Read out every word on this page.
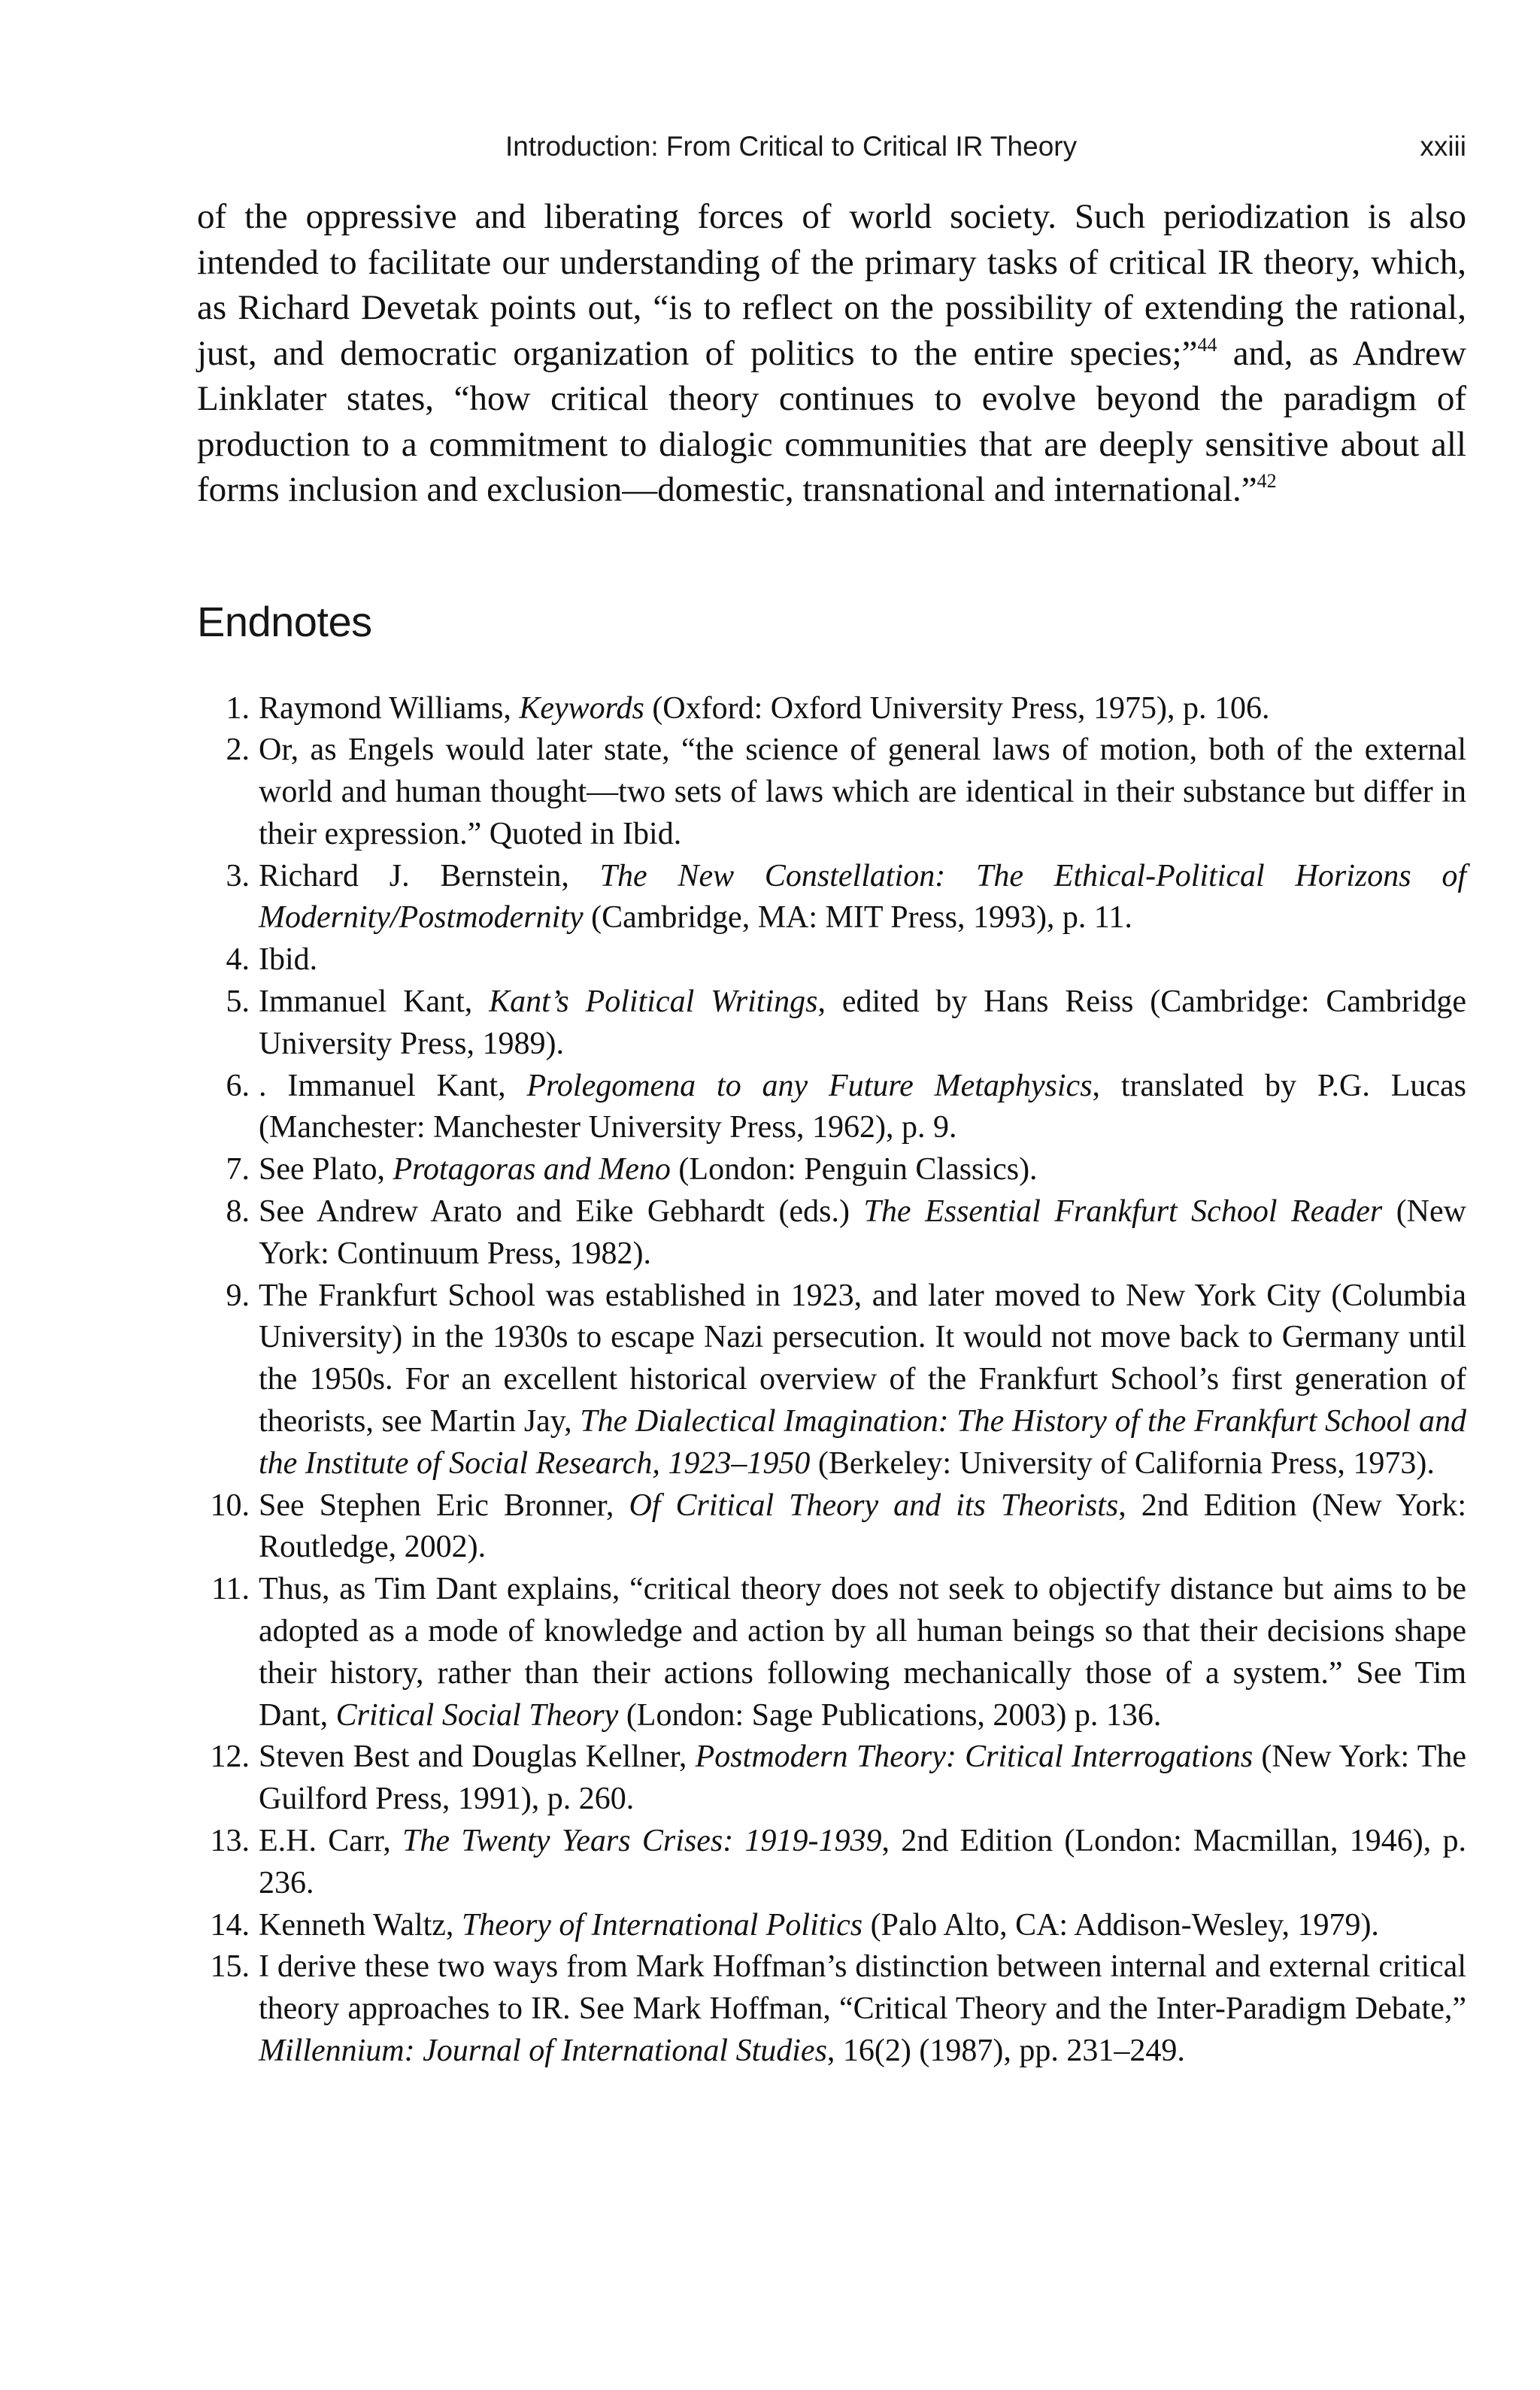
Introduction: From Critical to Critical IR Theory	xxiii

of the oppressive and liberating forces of world society. Such periodization is also intended to facilitate our understanding of the primary tasks of critical IR theory, which, as Richard Devetak points out, “is to reflect on the possibility of extending the rational, just, and democratic organization of politics to the entire species;”$^{44}$ and, as Andrew Linklater states, “how critical theory continues to evolve beyond the paradigm of production to a commitment to dialogic communities that are deeply sensitive about all forms inclusion and exclusion—domestic, transnational and international.”$^{42}$

Endnotes
1. Raymond Williams, Keywords (Oxford: Oxford University Press, 1975), p. 106.
2. Or, as Engels would later state, “the science of general laws of motion, both of the external world and human thought—two sets of laws which are identical in their substance but differ in their expression.” Quoted in Ibid.
3. Richard J. Bernstein, The New Constellation: The Ethical-Political Horizons of Modernity/Postmodernity (Cambridge, MA: MIT Press, 1993), p. 11.
4. Ibid.
5. Immanuel Kant, Kant’s Political Writings, edited by Hans Reiss (Cambridge: Cambridge University Press, 1989).
6. . Immanuel Kant, Prolegomena to any Future Metaphysics, translated by P.G. Lucas (Manchester: Manchester University Press, 1962), p. 9.
7. See Plato, Protagoras and Meno (London: Penguin Classics).
8. See Andrew Arato and Eike Gebhardt (eds.) The Essential Frankfurt School Reader (New York: Continuum Press, 1982).
9. The Frankfurt School was established in 1923, and later moved to New York City (Columbia University) in the 1930s to escape Nazi persecution. It would not move back to Germany until the 1950s. For an excellent historical overview of the Frankfurt School’s first generation of theorists, see Martin Jay, The Dialectical Imagination: The History of the Frankfurt School and the Institute of Social Research, 1923–1950 (Berkeley: University of California Press, 1973).
10. See Stephen Eric Bronner, Of Critical Theory and its Theorists, 2nd Edition (New York: Routledge, 2002).
11. Thus, as Tim Dant explains, “critical theory does not seek to objectify distance but aims to be adopted as a mode of knowledge and action by all human beings so that their decisions shape their history, rather than their actions following mechanically those of a system.” See Tim Dant, Critical Social Theory (London: Sage Publications, 2003) p. 136.
12. Steven Best and Douglas Kellner, Postmodern Theory: Critical Interrogations (New York: The Guilford Press, 1991), p. 260.
13. E.H. Carr, The Twenty Years Crises: 1919-1939, 2nd Edition (London: Macmillan, 1946), p. 236.
14. Kenneth Waltz, Theory of International Politics (Palo Alto, CA: Addison-Wesley, 1979).
15. I derive these two ways from Mark Hoffman’s distinction between internal and external critical theory approaches to IR. See Mark Hoffman, “Critical Theory and the Inter-Paradigm Debate,” Millennium: Journal of International Studies, 16(2) (1987), pp. 231–249.
